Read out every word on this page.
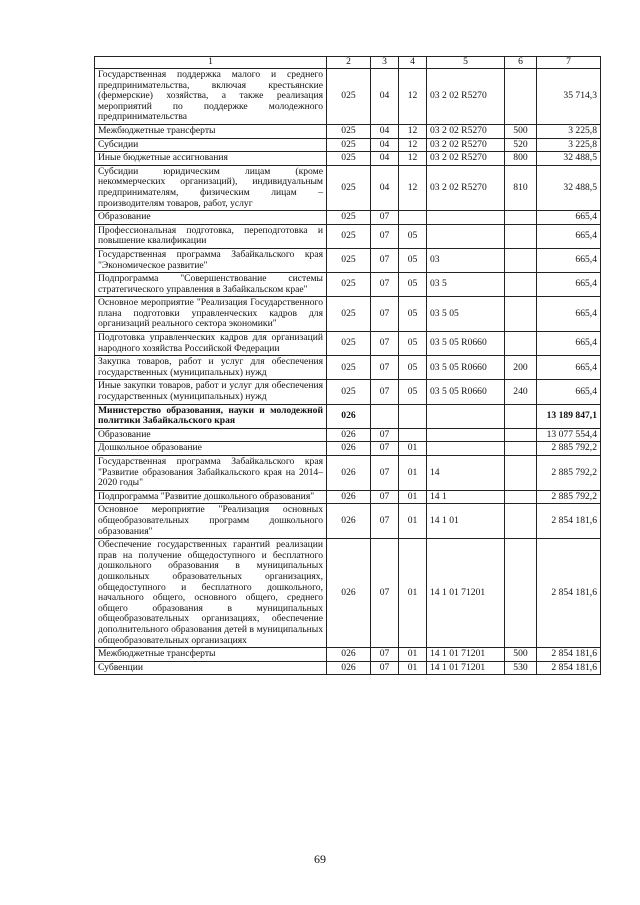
1	2	3	4	5	6	7
Государственная поддержка малого и среднего предпринимательства, включая крестьянские (фермерские) хозяйства, а также реализация мероприятий по поддержке молодежного предпринимательства	025	04	12	03 2 02 R5270		35 714,3
Межбюджетные трансферты	025	04	12	03 2 02 R5270	500	3 225,8
Субсидии	025	04	12	03 2 02 R5270	520	3 225,8
Иные бюджетные ассигнования	025	04	12	03 2 02 R5270	800	32 488,5
Субсидии юридическим лицам (кроме некоммерческих организаций), индивидуальным предпринимателям, физическим лицам – производителям товаров, работ, услуг	025	04	12	03 2 02 R5270	810	32 488,5
Образование	025	07				665,4
Профессиональная подготовка, переподготовка и повышение квалификации	025	07	05			665,4
Государственная программа Забайкальского края "Экономическое развитие"	025	07	05	03		665,4
Подпрограмма "Совершенствование системы стратегического управления в Забайкальском крае"	025	07	05	03 5		665,4
Основное мероприятие "Реализация Государственного плана подготовки управленческих кадров для организаций реального сектора экономики"	025	07	05	03 5 05		665,4
Подготовка управленческих кадров для организаций народного хозяйства Российской Федерации	025	07	05	03 5 05 R0660		665,4
Закупка товаров, работ и услуг для обеспечения государственных (муниципальных) нужд	025	07	05	03 5 05 R0660	200	665,4
Иные закупки товаров, работ и услуг для обеспечения государственных (муниципальных) нужд	025	07	05	03 5 05 R0660	240	665,4
Министерство образования, науки и молодежной политики Забайкальского края	026					13 189 847,1
Образование	026	07				13 077 554,4
Дошкольное образование	026	07	01			2 885 792,2
Государственная программа Забайкальского края "Развитие образования Забайкальского края на 2014–2020 годы"	026	07	01	14		2 885 792,2
Подпрограмма "Развитие дошкольного образования"	026	07	01	14 1		2 885 792,2
Основное мероприятие "Реализация основных общеобразовательных программ дошкольного образования"	026	07	01	14 1 01		2 854 181,6
Обеспечение государственных гарантий реализации прав на получение общедоступного и бесплатного дошкольного образования в муниципальных дошкольных образовательных организациях, общедоступного и бесплатного дошкольного, начального общего, основного общего, среднего общего образования в муниципальных общеобразовательных организациях, обеспечение дополнительного образования детей в муниципальных общеобразовательных организациях	026	07	01	14 1 01 71201		2 854 181,6
Межбюджетные трансферты	026	07	01	14 1 01 71201	500	2 854 181,6
Субвенции	026	07	01	14 1 01 71201	530	2 854 181,6
69
